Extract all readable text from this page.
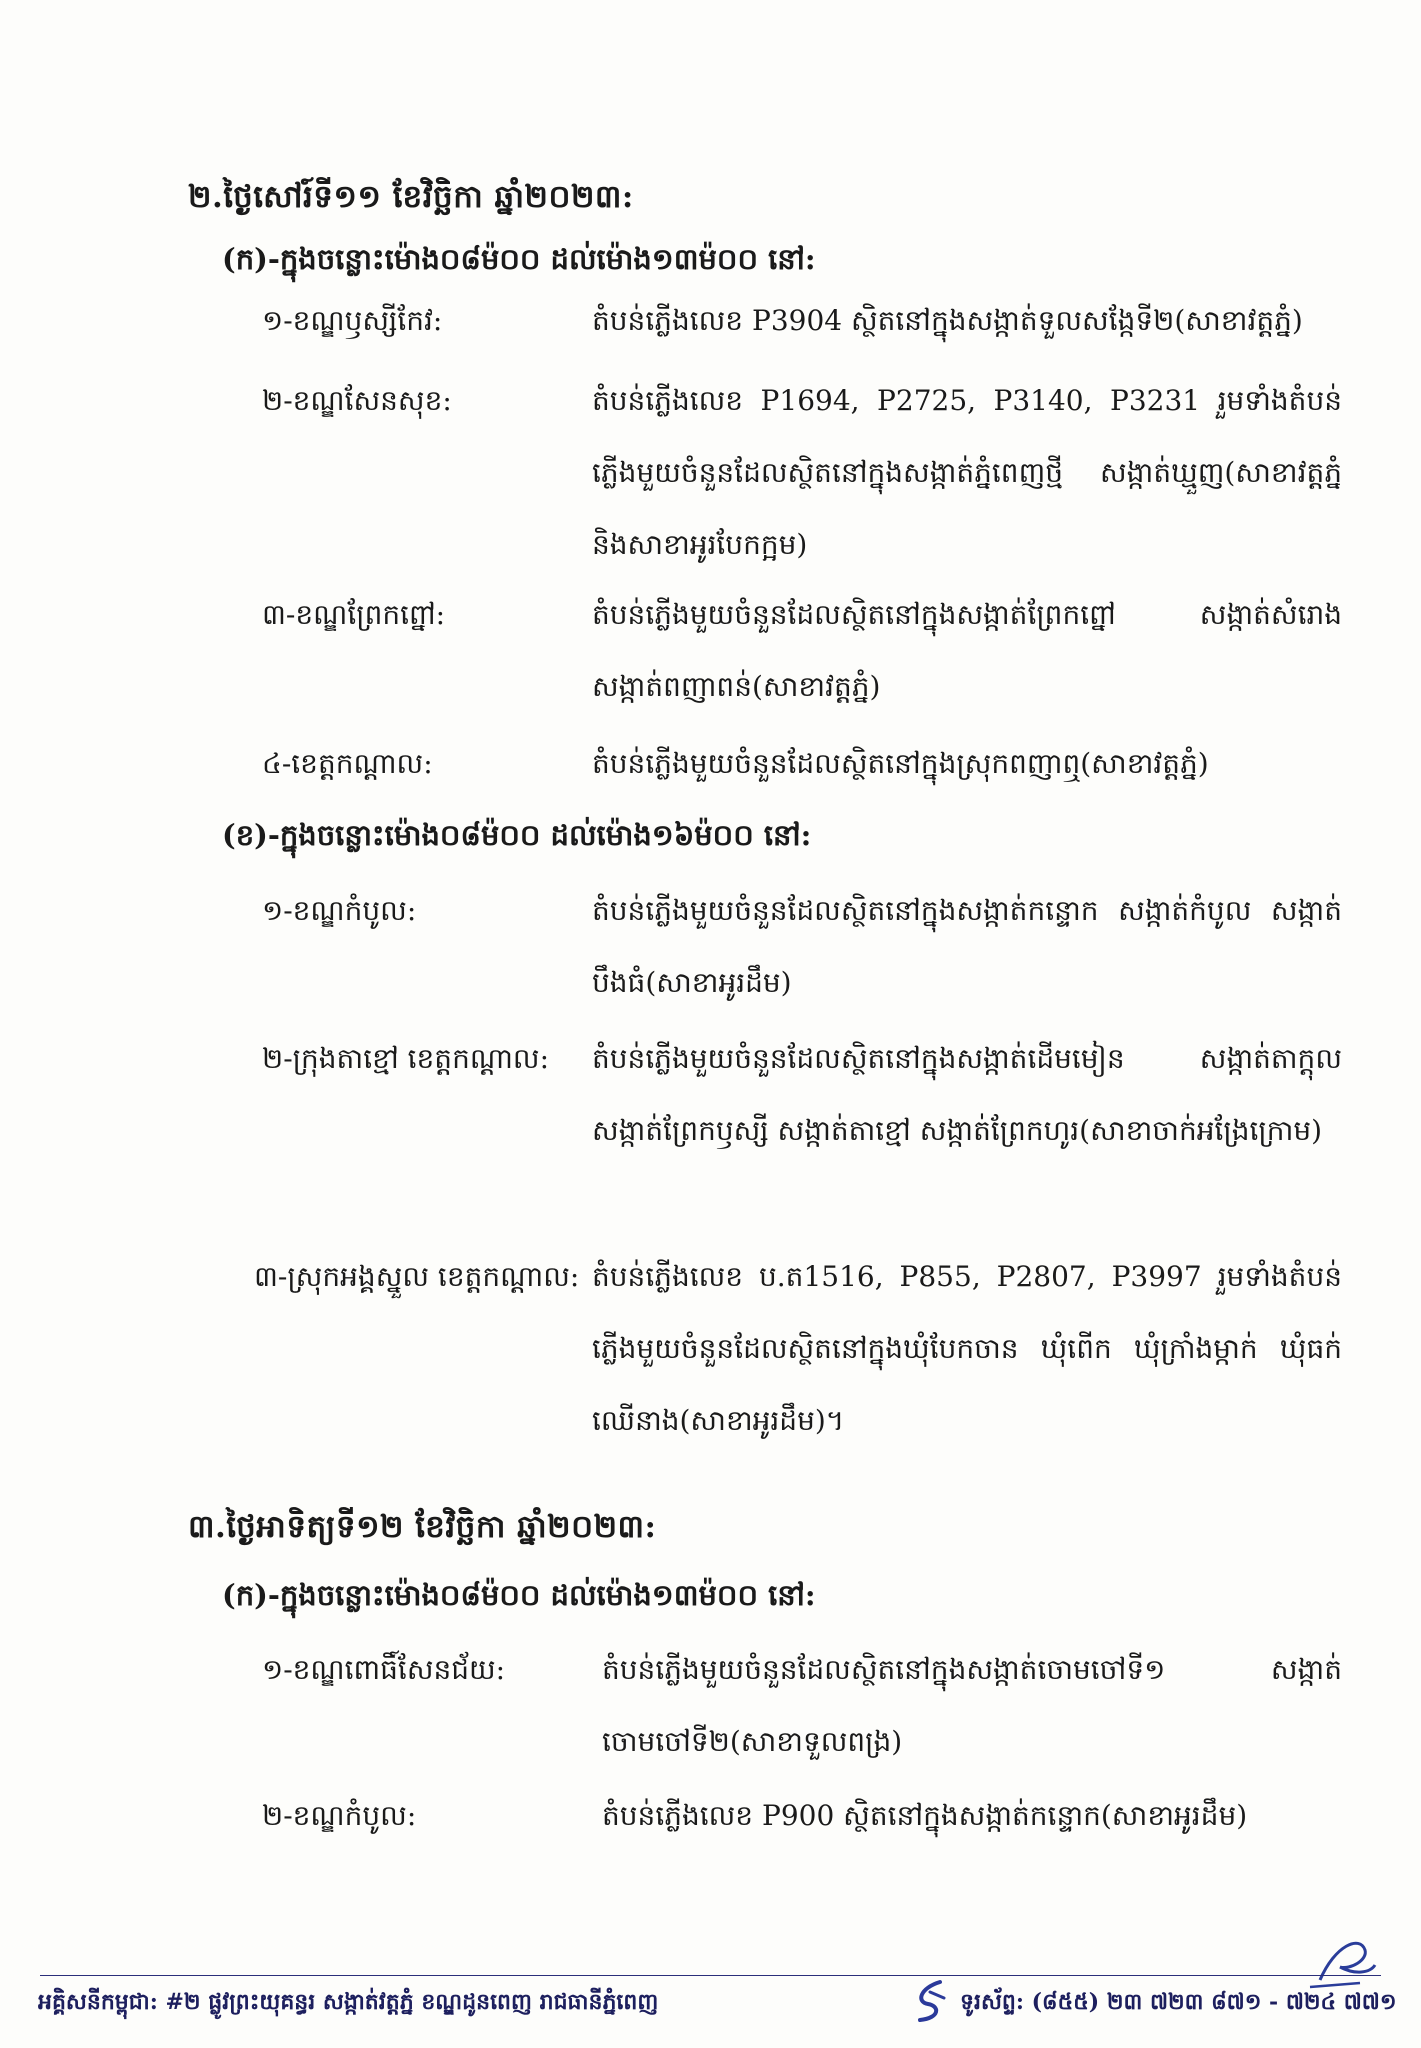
២.ថ្ងៃសៅរ៍ទី១១ ខែវិច្ឆិកា ឆ្នាំ២០២៣:
(ក)-ក្នុងចន្លោះម៉ោង០៨ម៉០០ ដល់ម៉ោង១៣ម៉០០ នៅ:
១-ខណ្ឌឫស្សីកែវ:	តំបន់ភ្លើងលេខ P3904 ស្ថិតនៅក្នុងសង្កាត់ទួលសង្កែទី២(សាខាវត្តភ្នំ)
២-ខណ្ឌសែនសុខ:	តំបន់ភ្លើងលេខ P1694, P2725, P3140, P3231 រួមទាំងតំបន់ភ្លើងមួយចំនួនដែលស្ថិតនៅក្នុងសង្កាត់ភ្នំពេញថ្មី សង្កាត់ឃ្មួញ(សាខាវត្តភ្នំ និងសាខាអូរបែកក្អម)
៣-ខណ្ឌព្រែកព្នៅ:	តំបន់ភ្លើងមួយចំនួនដែលស្ថិតនៅក្នុងសង្កាត់ព្រែកព្នៅ សង្កាត់សំរោងសង្កាត់ពញាពន់(សាខាវត្តភ្នំ)
៤-ខេត្តកណ្តាល:	តំបន់ភ្លើងមួយចំនួនដែលស្ថិតនៅក្នុងស្រុកពញាឮ(សាខាវត្តភ្នំ)
(ខ)-ក្នុងចន្លោះម៉ោង០៨ម៉០០ ដល់ម៉ោង១៦ម៉០០ នៅ:
១-ខណ្ឌកំបូល:	តំបន់ភ្លើងមួយចំនួនដែលស្ថិតនៅក្នុងសង្កាត់កន្ទោក សង្កាត់កំបូល សង្កាត់បឹងធំ(សាខាអូរដឹម)
២-ក្រុងតាខ្មៅ ខេត្តកណ្តាល: តំបន់ភ្លើងមួយចំនួនដែលស្ថិតនៅក្នុងសង្កាត់ដើមមៀន សង្កាត់តាក្តុលសង្កាត់ព្រែកឫស្សី សង្កាត់តាខ្មៅ សង្កាត់ព្រែកហូរ(សាខាចាក់អង្រែក្រោម)
៣-ស្រុកអង្គស្នួល ខេត្តកណ្តាល: តំបន់ភ្លើងលេខ ប.ត1516, P855, P2807, P3997 រួមទាំងតំបន់ភ្លើងមួយចំនួនដែលស្ថិតនៅក្នុងឃុំបែកចាន ឃុំពើក ឃុំក្រាំងម្កាក់ ឃុំធក់ឈើនាង(សាខាអូរដឹម)។
៣.ថ្ងៃអាទិត្យទី១២ ខែវិច្ឆិកា ឆ្នាំ២០២៣:
(ក)-ក្នុងចន្លោះម៉ោង០៨ម៉០០ ដល់ម៉ោង១៣ម៉០០ នៅ:
១-ខណ្ឌពោធិ៍សែនជ័យ:	តំបន់ភ្លើងមួយចំនួនដែលស្ថិតនៅក្នុងសង្កាត់ចោមចៅទី១ សង្កាត់ចោមចៅទី២(សាខាទួលពង្រ)
២-ខណ្ឌកំបូល:	តំបន់ភ្លើងលេខ P900 ស្ថិតនៅក្នុងសង្កាត់កន្ទោក(សាខាអូរដឹម)
អគ្គិសនីកម្ពុជា: #២ ផ្លូវព្រះយុគន្ធរ សង្កាត់វត្តភ្នំ ខណ្ឌដូនពេញ រាជធានីភ្នំពេញ	ទូរស័ព្ទ: (៨៥៥) ២៣ ៧២៣ ៨៧១ - ៧២៤ ៧៧១
